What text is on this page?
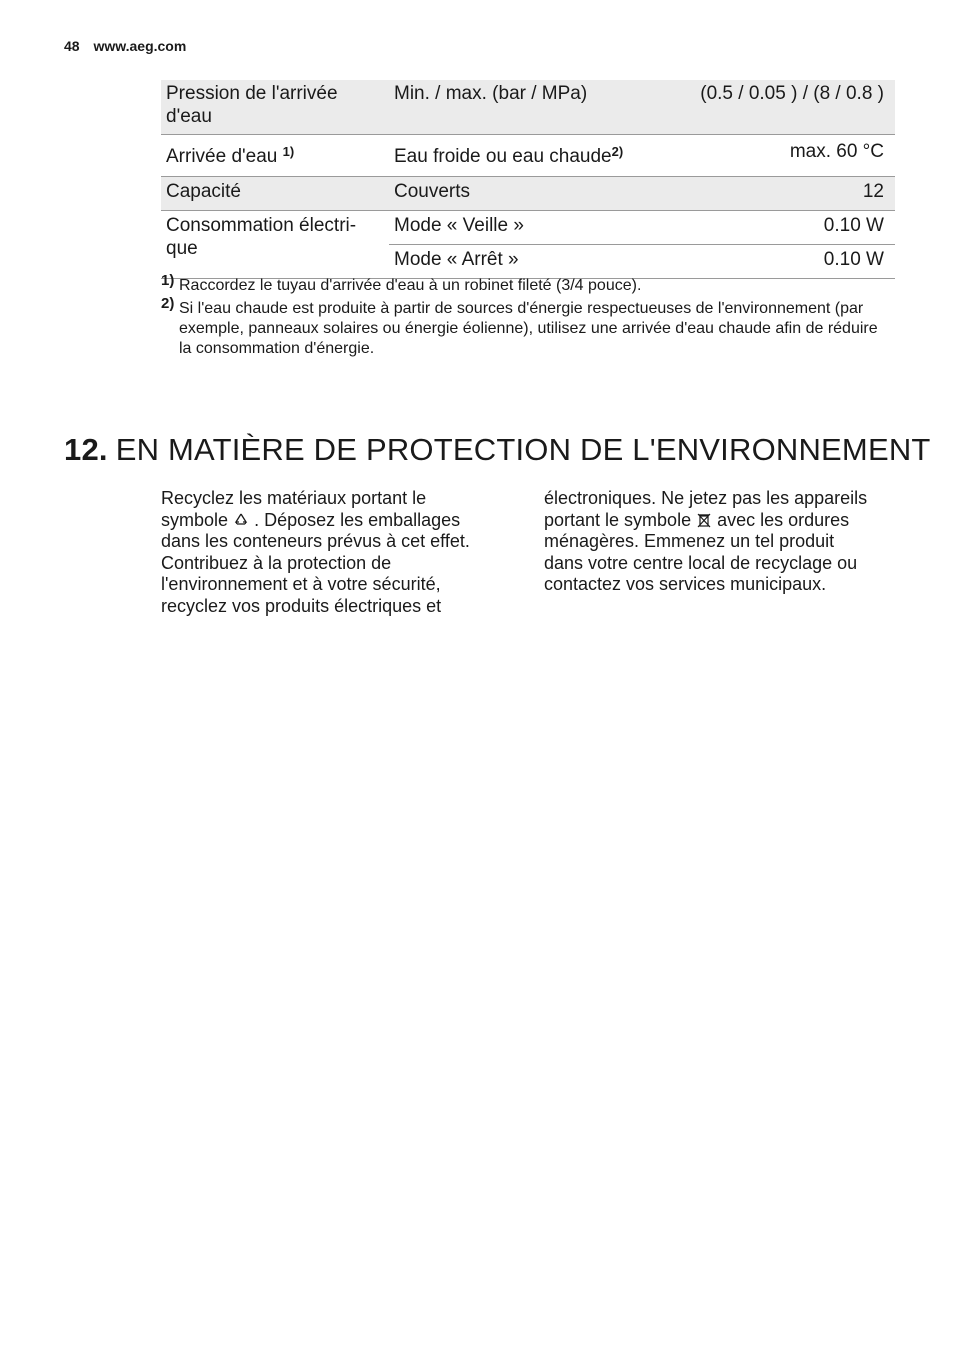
48 www.aeg.com
Pression de l'arrivée d'eau	Min. / max. (bar / MPa)	(0.5 / 0.05 ) / (8 / 0.8 )
Arrivée d'eau $^{1)}$	Eau froide ou eau chaude$^{2)}$	max. 60 °C
Capacité	Couverts	12
Consommation électri-que	Mode « Veille »	0.10 W
	Mode « Arrêt »	0.10 W
1) Raccordez le tuyau d'arrivée d'eau à un robinet fileté (3/4 pouce).
2) Si l'eau chaude est produite à partir de sources d'énergie respectueuses de l'environnement (par exemple, panneaux solaires ou énergie éolienne), utilisez une arrivée d'eau chaude afin de réduire la consommation d'énergie.
12. EN MATIÈRE DE PROTECTION DE L'ENVIRONNEMENT

Recyclez les matériaux portant le symbole . Déposez les emballages dans les conteneurs prévus à cet effet.

Contribuez à la protection de l'environnement et à votre sécurité, recyclez vos produits électriques et

électroniques. Ne jetez pas les appareils portant le symbole avec les ordures ménagères. Emmenez un tel produit dans votre centre local de recyclage ou contactez vos services municipaux.
